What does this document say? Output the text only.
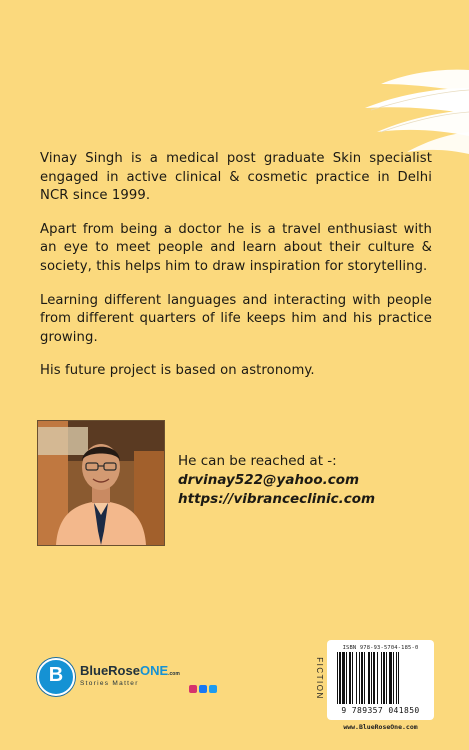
Vinay Singh is a medical post graduate Skin specialist engaged in active clinical & cosmetic practice in Delhi NCR since 1999.

Apart from being a doctor he is a travel enthusiast with an eye to meet people and learn about their culture & society, this helps him to draw inspiration for storytelling.

Learning different languages and interacting with people from different quarters of life keeps him and his practice growing.

His future project is based on astronomy.

He can be reached at -:

drvinay522@yahoo.com

https://vibranceclinic.com

B	BlueRoseONE.com
Stories Matter	FICTION
ISBN 978-93-5704-185-0
9 789357 041850
www.BlueRoseOne.com
